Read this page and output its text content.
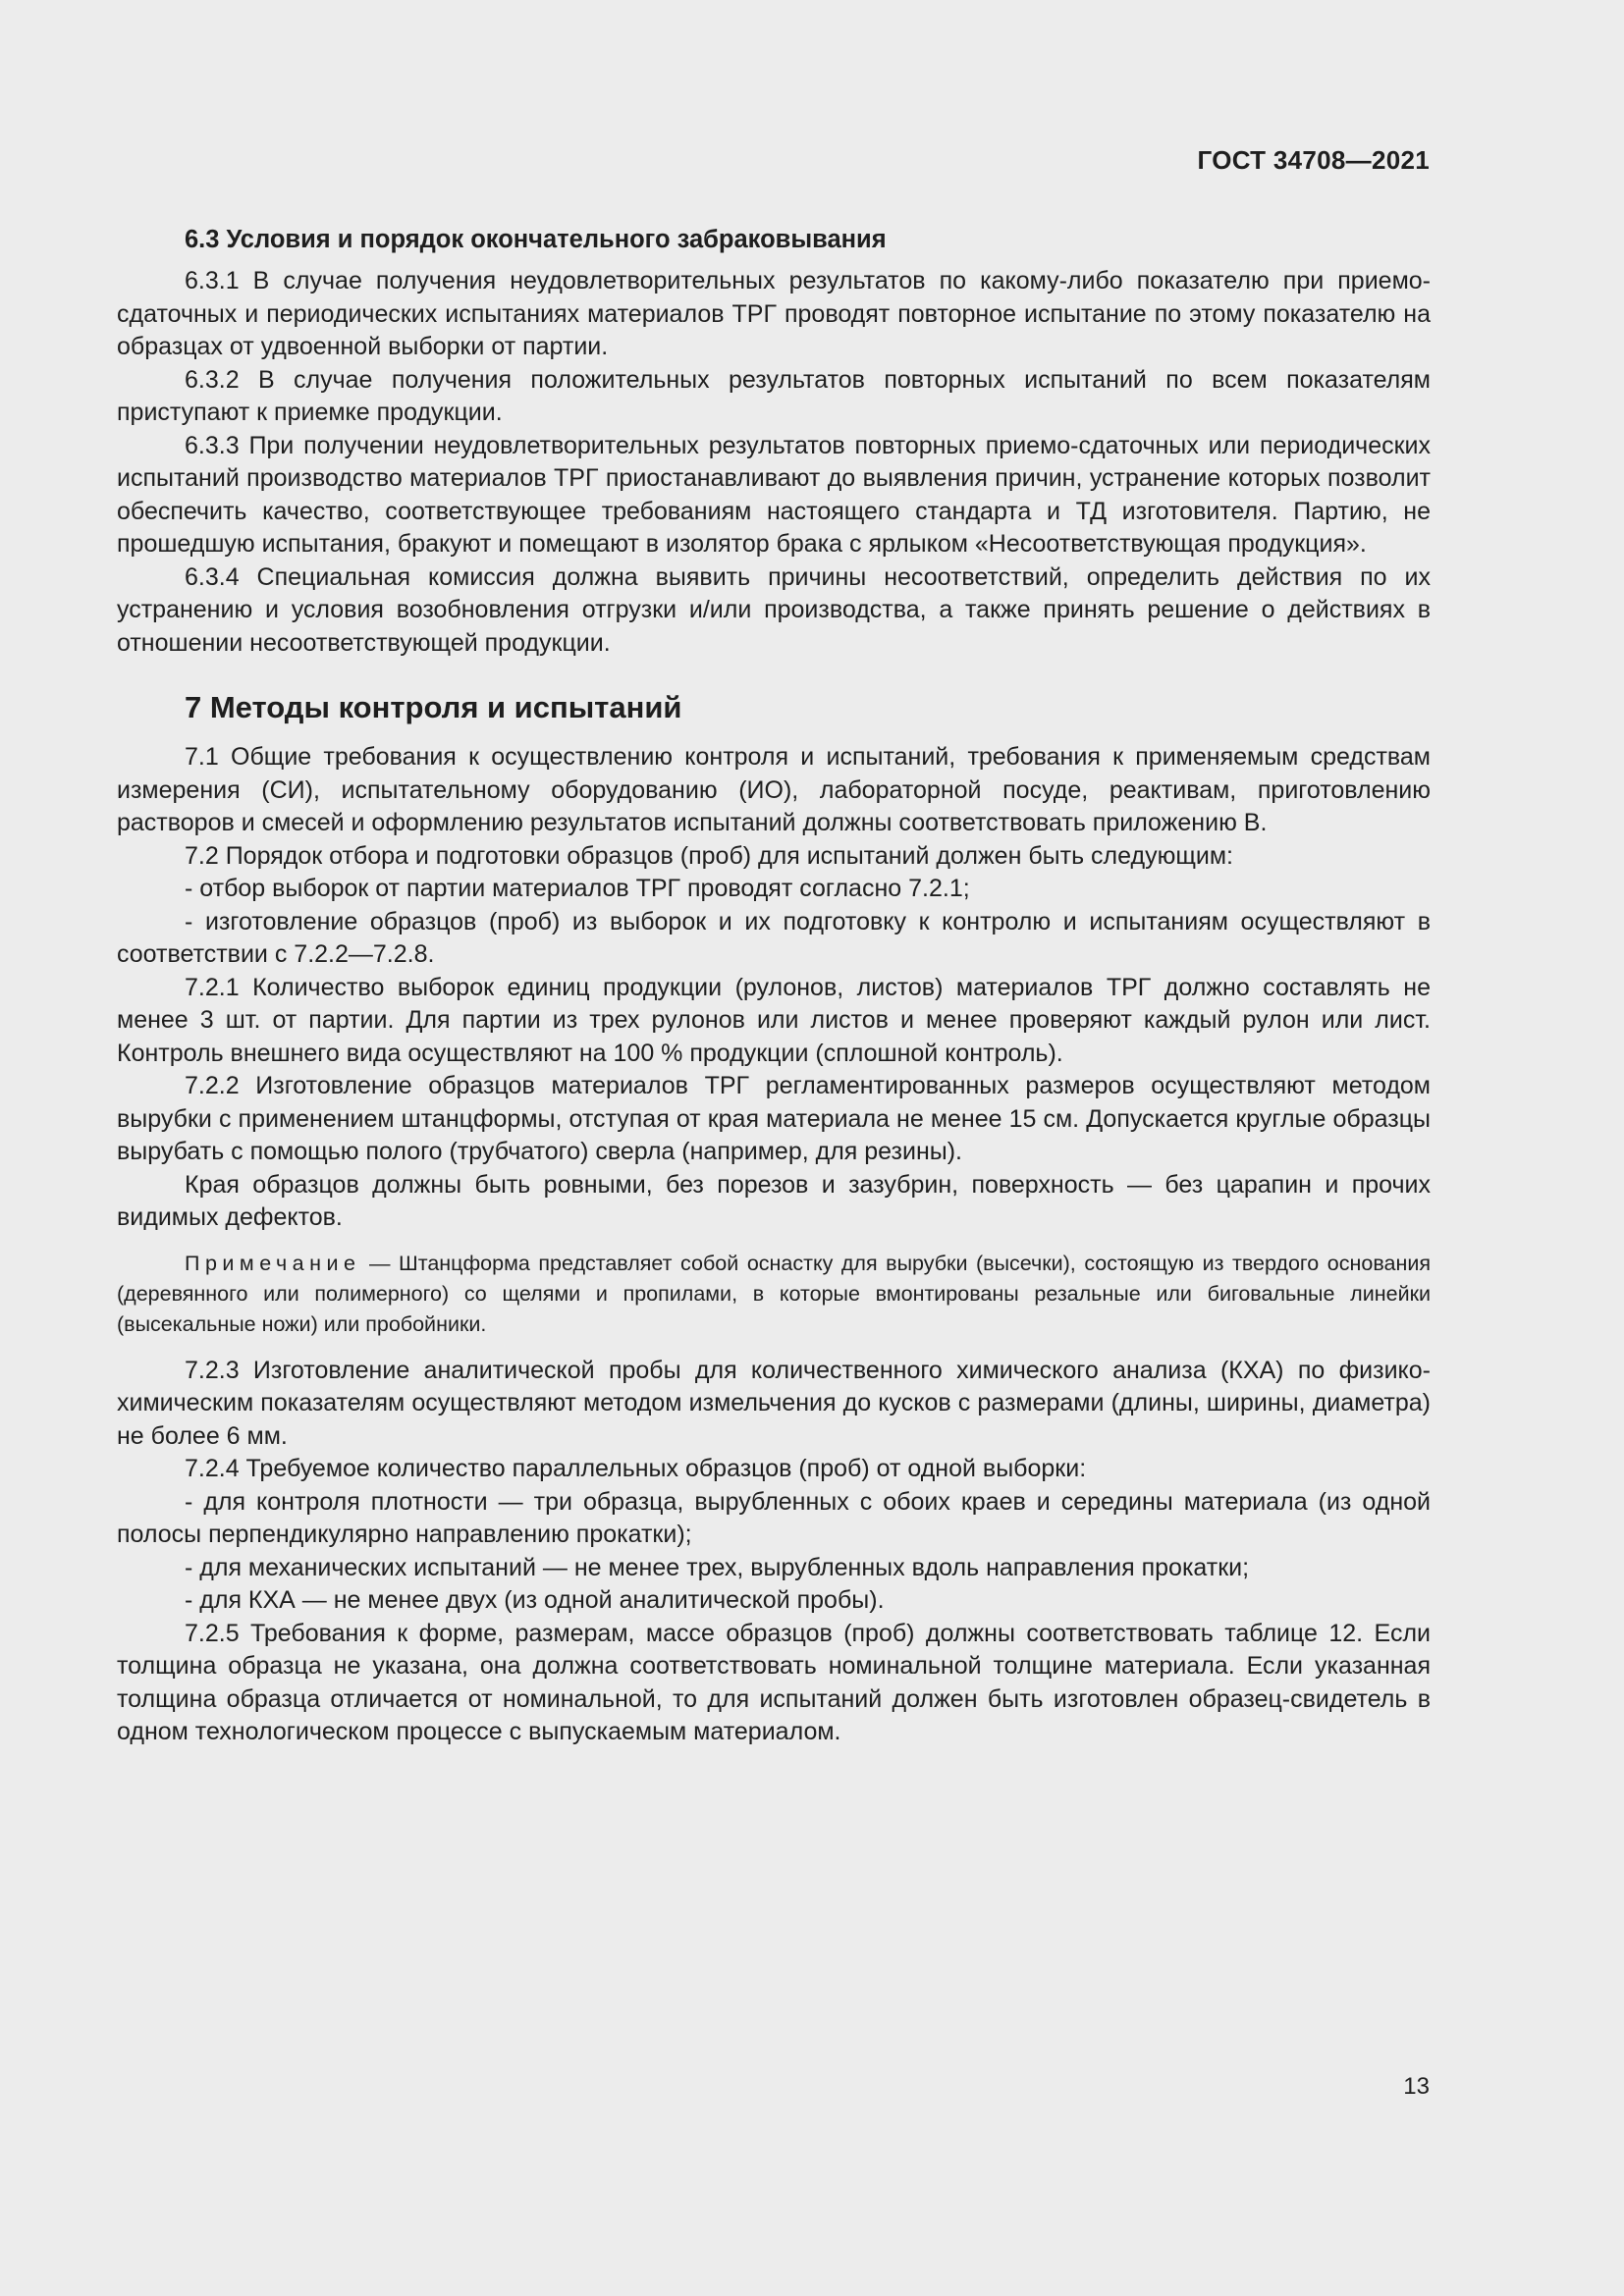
ГОСТ 34708—2021
6.3 Условия и порядок окончательного забраковывания

6.3.1 В случае получения неудовлетворительных результатов по какому-либо показателю при приемо-сдаточных и периодических испытаниях материалов ТРГ проводят повторное испытание по этому показателю на образцах от удвоенной выборки от партии.

6.3.2 В случае получения положительных результатов повторных испытаний по всем показателям приступают к приемке продукции.

6.3.3 При получении неудовлетворительных результатов повторных приемо-сдаточных или периодических испытаний производство материалов ТРГ приостанавливают до выявления причин, устранение которых позволит обеспечить качество, соответствующее требованиям настоящего стандарта и ТД изготовителя. Партию, не прошедшую испытания, бракуют и помещают в изолятор брака с ярлыком «Несоответствующая продукция».

6.3.4 Специальная комиссия должна выявить причины несоответствий, определить действия по их устранению и условия возобновления отгрузки и/или производства, а также принять решение о действиях в отношении несоответствующей продукции.

7 Методы контроля и испытаний

7.1 Общие требования к осуществлению контроля и испытаний, требования к применяемым средствам измерения (СИ), испытательному оборудованию (ИО), лабораторной посуде, реактивам, приготовлению растворов и смесей и оформлению результатов испытаний должны соответствовать приложению В.

7.2 Порядок отбора и подготовки образцов (проб) для испытаний должен быть следующим:

- отбор выборок от партии материалов ТРГ проводят согласно 7.2.1;

- изготовление образцов (проб) из выборок и их подготовку к контролю и испытаниям осуществляют в соответствии с 7.2.2—7.2.8.

7.2.1 Количество выборок единиц продукции (рулонов, листов) материалов ТРГ должно составлять не менее 3 шт. от партии. Для партии из трех рулонов или листов и менее проверяют каждый рулон или лист. Контроль внешнего вида осуществляют на 100 % продукции (сплошной контроль).

7.2.2 Изготовление образцов материалов ТРГ регламентированных размеров осуществляют методом вырубки с применением штанцформы, отступая от края материала не менее 15 см. Допускается круглые образцы вырубать с помощью полого (трубчатого) сверла (например, для резины).

Края образцов должны быть ровными, без порезов и зазубрин, поверхность — без царапин и прочих видимых дефектов.

Примечание — Штанцформа представляет собой оснастку для вырубки (высечки), состоящую из твердого основания (деревянного или полимерного) со щелями и пропилами, в которые вмонтированы резальные или биговальные линейки (высекальные ножи) или пробойники.

7.2.3 Изготовление аналитической пробы для количественного химического анализа (КХА) по физико-химическим показателям осуществляют методом измельчения до кусков с размерами (длины, ширины, диаметра) не более 6 мм.

7.2.4 Требуемое количество параллельных образцов (проб) от одной выборки:

- для контроля плотности — три образца, вырубленных с обоих краев и середины материала (из одной полосы перпендикулярно направлению прокатки);

- для механических испытаний — не менее трех, вырубленных вдоль направления прокатки;

- для КХА — не менее двух (из одной аналитической пробы).

7.2.5 Требования к форме, размерам, массе образцов (проб) должны соответствовать таблице 12. Если толщина образца не указана, она должна соответствовать номинальной толщине материала. Если указанная толщина образца отличается от номинальной, то для испытаний должен быть изготовлен образец-свидетель в одном технологическом процессе с выпускаемым материалом.

13
